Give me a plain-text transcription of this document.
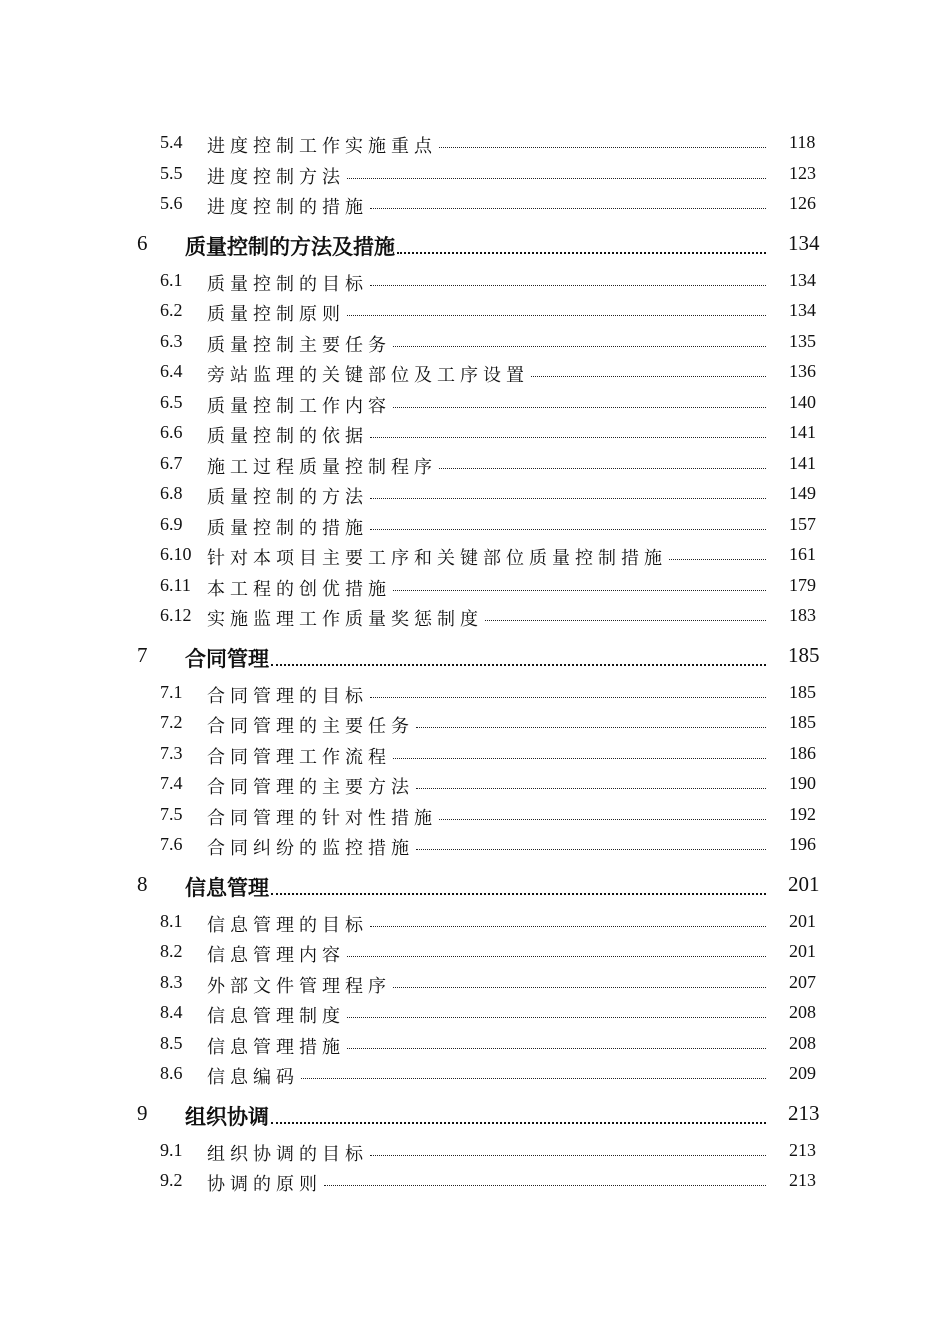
5.4 进度控制工作实施重点	118
5.5 进度控制方法	123
5.6 进度控制的措施	126
6 质量控制的方法及措施	134
6.1 质量控制的目标	134
6.2 质量控制原则	134
6.3 质量控制主要任务	135
6.4 旁站监理的关键部位及工序设置	136
6.5 质量控制工作内容	140
6.6 质量控制的依据	141
6.7 施工过程质量控制程序	141
6.8 质量控制的方法	149
6.9 质量控制的措施	157
6.10 针对本项目主要工序和关键部位质量控制措施	161
6.11 本工程的创优措施	179
6.12 实施监理工作质量奖惩制度	183
7 合同管理	185
7.1 合同管理的目标	185
7.2 合同管理的主要任务	185
7.3 合同管理工作流程	186
7.4 合同管理的主要方法	190
7.5 合同管理的针对性措施	192
7.6 合同纠纷的监控措施	196
8 信息管理	201
8.1 信息管理的目标	201
8.2 信息管理内容	201
8.3 外部文件管理程序	207
8.4 信息管理制度	208
8.5 信息管理措施	208
8.6 信息编码	209
9 组织协调	213
9.1 组织协调的目标	213
9.2 协调的原则	213
